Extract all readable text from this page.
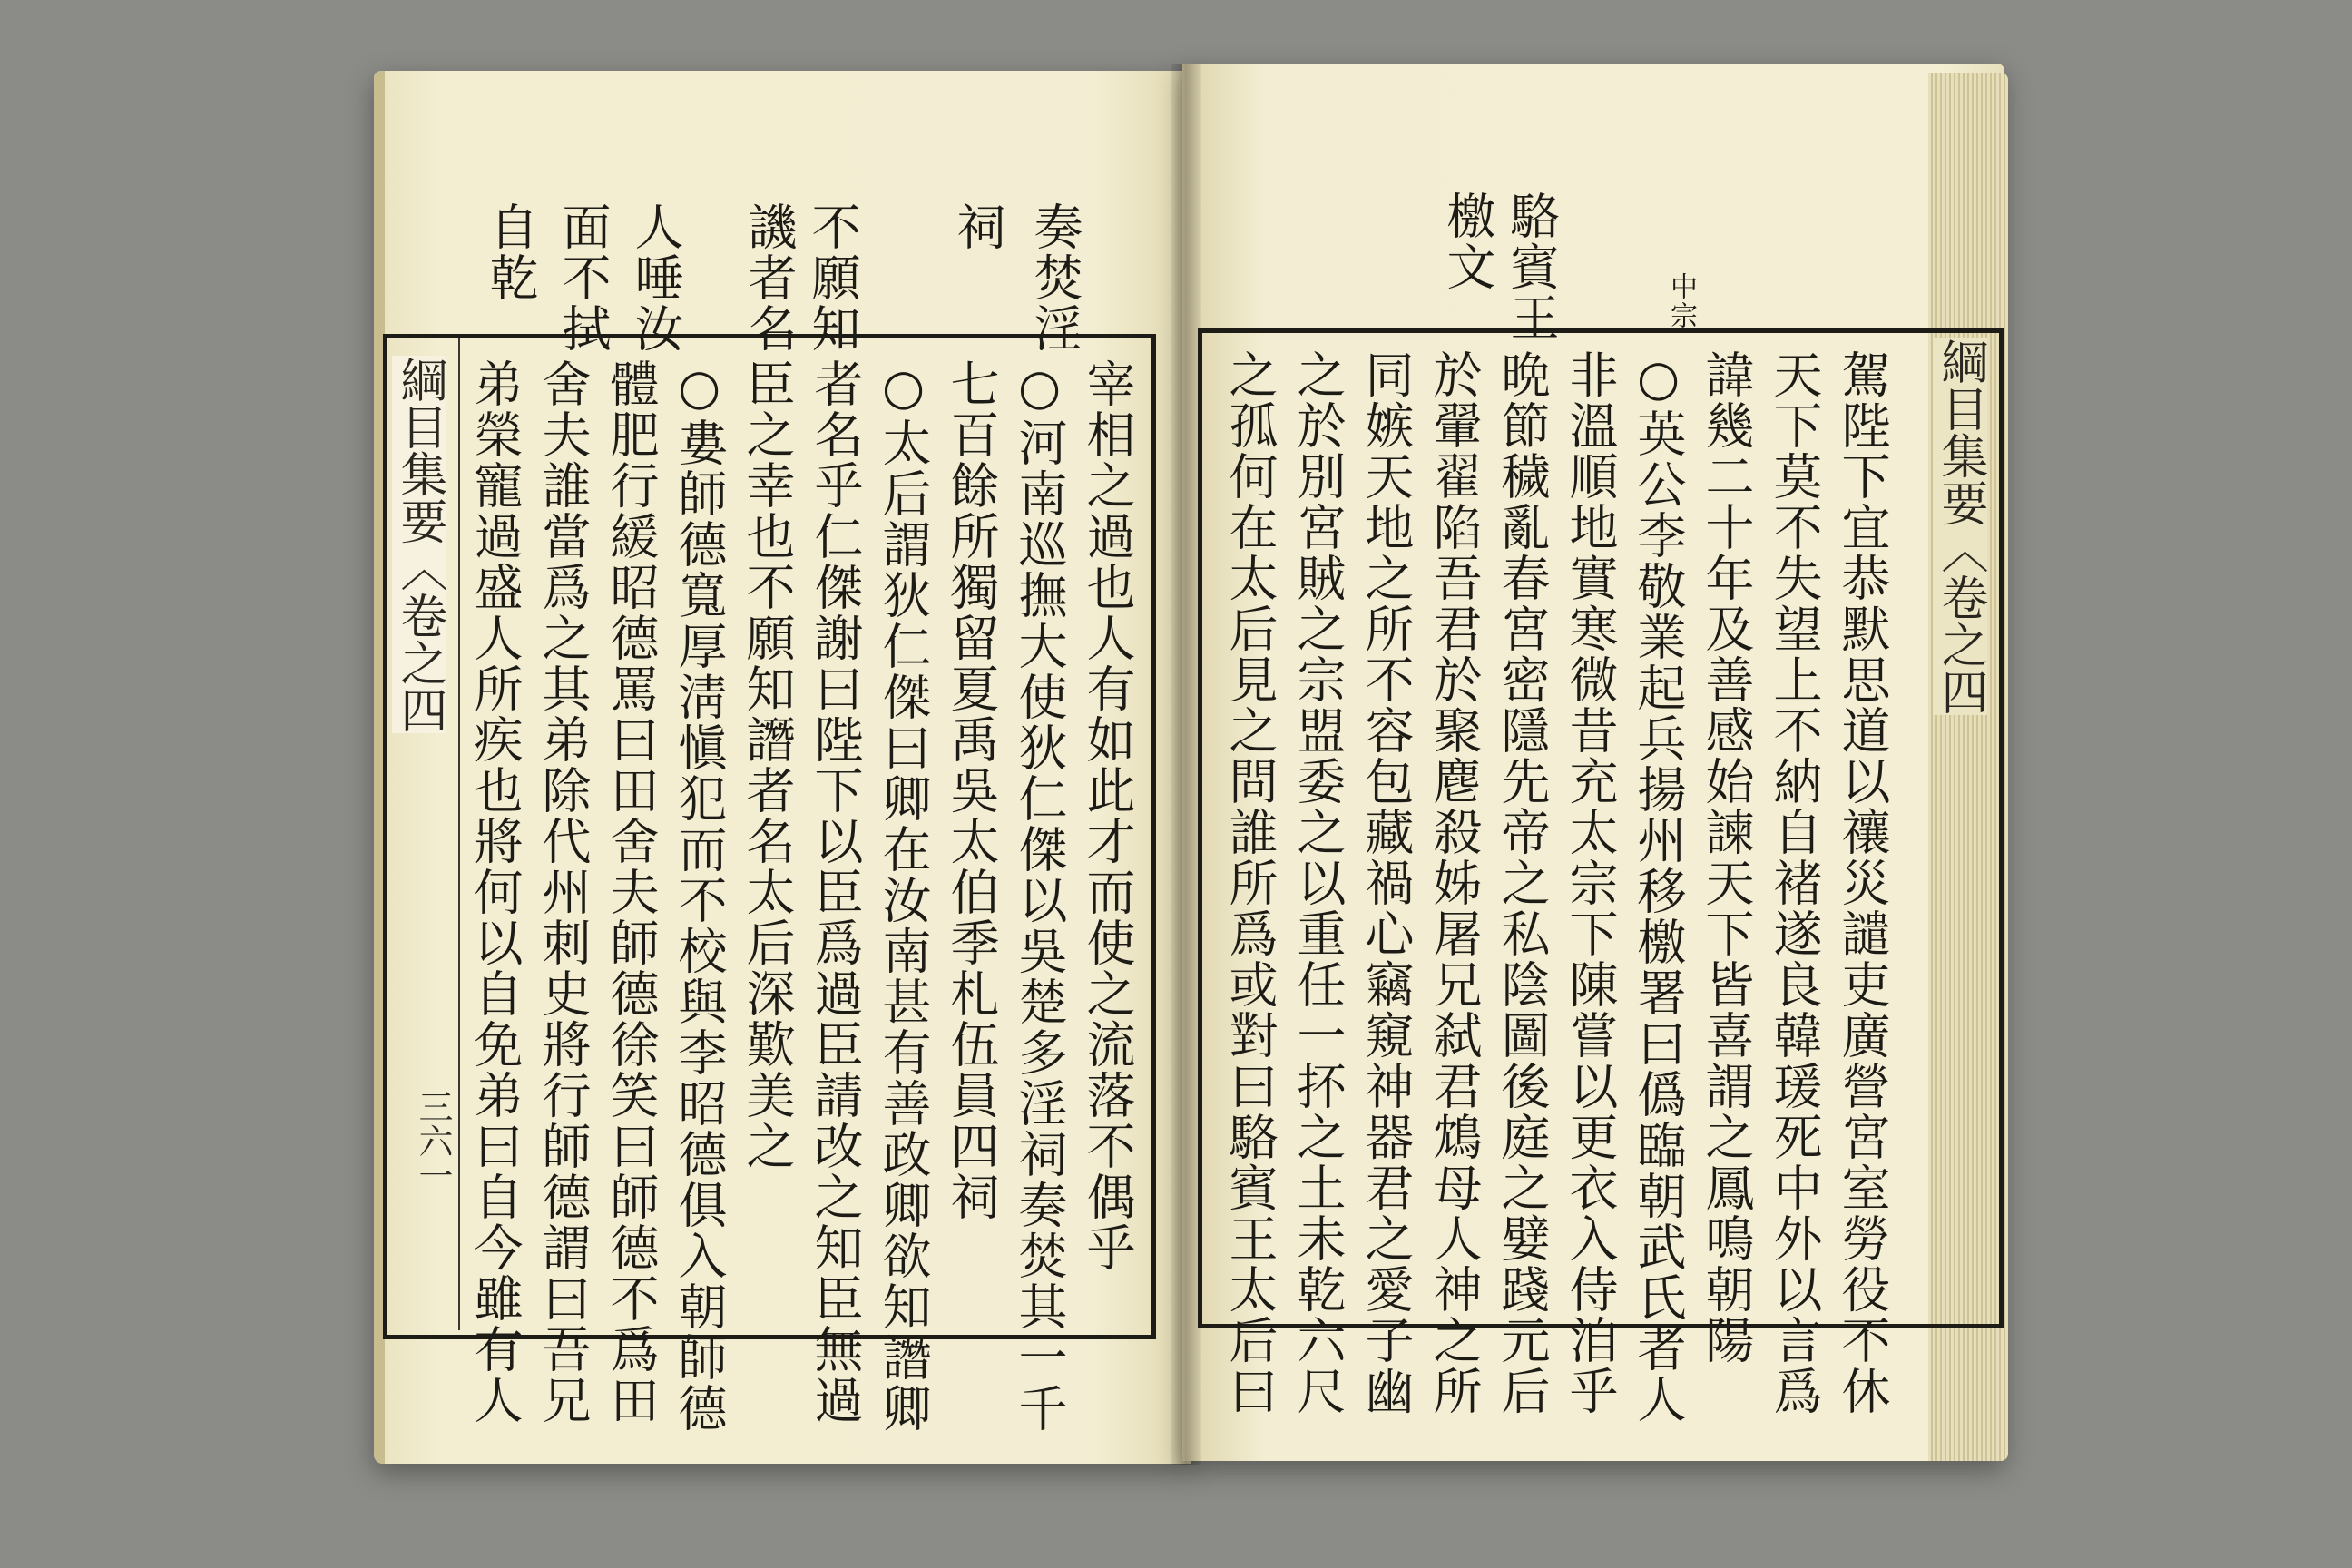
奏焚淫
祠
不願知
譏者名
人唾汝
面不拭
自乾
綱目集要〈卷之四
三六一	宰相之過也人有如此才而使之流落不偶乎
○河南巡撫大使狄仁傑以吳楚多淫祠奏焚其一千
七百餘所獨留夏禹吳太伯季札伍員四祠
○太后謂狄仁傑曰卿在汝南甚有善政卿欲知譖卿
者名乎仁傑謝曰陛下以臣爲過臣請改之知臣無過
臣之幸也不願知譖者名太后深歎美之
○婁師德寬厚淸愼犯而不校與李昭德俱入朝師德
體肥行緩昭德罵曰田舍夫師德徐笑曰師德不爲田
舍夫誰當爲之其弟除代州刺史將行師德謂曰吾兄
弟榮寵過盛人所疾也將何以自免弟曰自今雖有人
駱賓王	中宗
檄文
綱目集要〈卷之四
駕陛下宜恭默思道以禳災譴吏廣營宮室勞役不休
天下莫不失望上不納自褚遂良韓瑗死中外以言爲
諱幾二十年及善感始諫天下皆喜謂之鳳鳴朝陽
○英公李敬業起兵揚州移檄署曰僞臨朝武氏者人
非溫順地實寒微昔充太宗下陳嘗以更衣入侍洎乎
晩節穢亂春宮密隱先帝之私陰圖後庭之嬖踐元后
於翬翟陷吾君於聚麀殺姊屠兄弑君鴆母人神之所
同嫉天地之所不容包藏禍心竊窺神器君之愛子幽
之於別宮賊之宗盟委之以重任一抔之土未乾六尺
之孤何在太后見之問誰所爲或對曰駱賓王太后曰
